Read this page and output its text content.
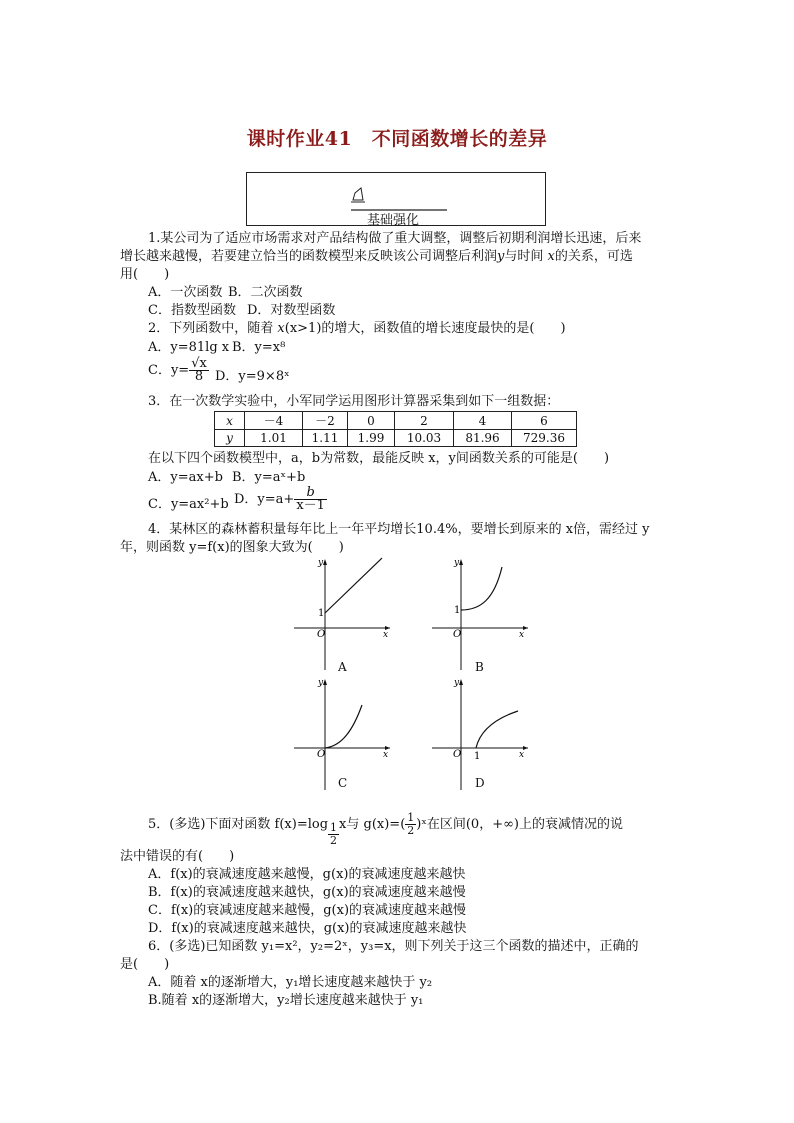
课时作业41　不同函数增长的差异
基础强化
1.某公司为了适应市场需求对产品结构做了重大调整，调整后初期利润增长迅速，后来
增长越来越慢，若要建立恰当的函数模型来反映该公司调整后利润y与时间 x的关系，可选
用(　　)
A．一次函数 B．二次函数
C．指数型函数 D．对数型函数
2．下列函数中，随着 x(x>1)的增大，函数值的增长速度最快的是(　　)
A．y=81lg x B．y=x⁸
C．$y= \frac{√x}{8}$ D．y=9×8ˣ
3．在一次数学实验中，小军同学运用图形计算器采集到如下一组数据：
x	－4	－2	0	2	4	6
y	1.01	1.11	1.99	10.03	81.96	729.36
在以下四个函数模型中，a，b为常数，最能反映 x，y间函数关系的可能是(　　)
A．y=ax+b B．y=aˣ+b
C．y=ax²+b D．$y=a+ \frac{b}{x-1}$
4．某林区的森林蓄积量每年比上一年平均增长10.4%，要增长到原来的 x倍，需经过 y
年，则函数 y=f(x)的图象大致为(　　)
y
x
O
1
A
y
x
O
1
B
y
x
O
C
y
x
O 1
D
5．(多选)下面对函数 $f(x)=\log \frac{1}{2}$ x与 $g(x)=( \frac{1}{2}$ )ˣ在区间(0，+∞)上的衰减情况的说
法中错误的有(　　)
A．f(x)的衰减速度越来越慢，g(x)的衰减速度越来越快
B．f(x)的衰减速度越来越快，g(x)的衰减速度越来越慢
C．f(x)的衰减速度越来越慢，g(x)的衰减速度越来越慢
D．f(x)的衰减速度越来越快，g(x)的衰减速度越来越快
6．(多选)已知函数 y₁=x²，y₂=2ˣ，y₃=x，则下列关于这三个函数的描述中，正确的
是(　　)
A．随着 x的逐渐增大，y₁增长速度越来越快于 y₂
B.随着 x的逐渐增大，y₂增长速度越来越快于 y₁
